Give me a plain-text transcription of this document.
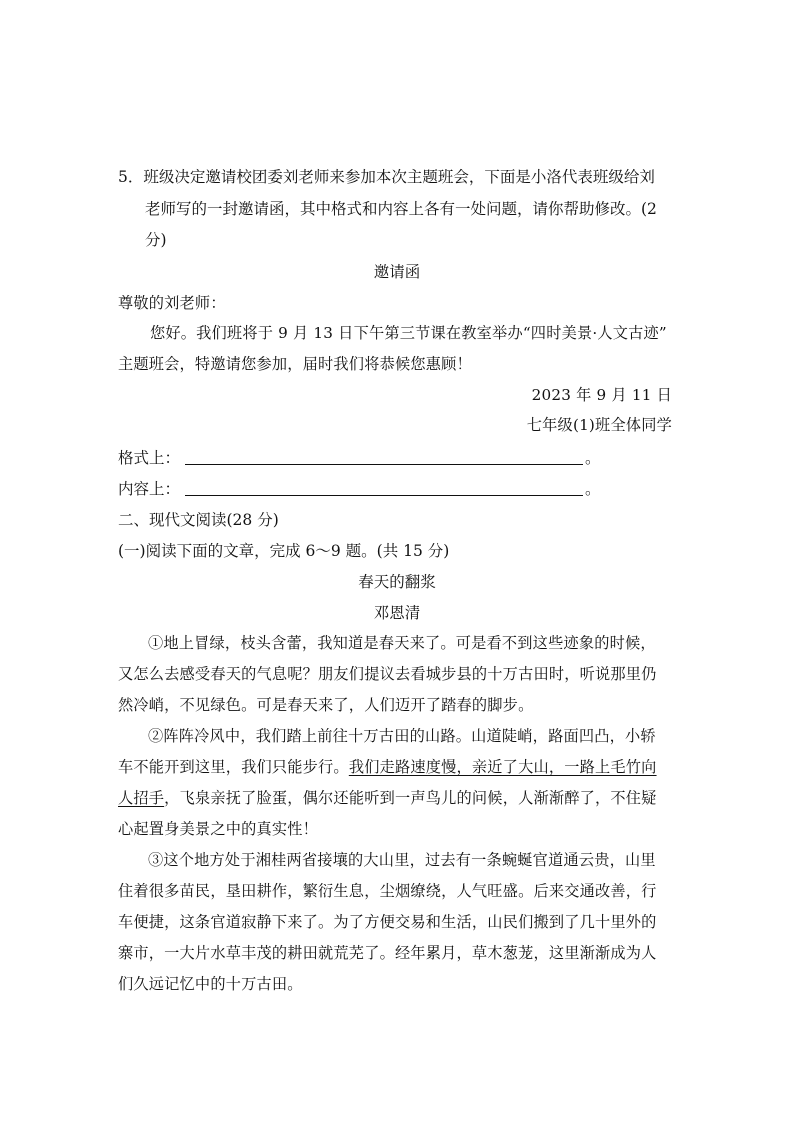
5．班级决定邀请校团委刘老师来参加本次主题班会，下面是小洛代表班级给刘
老师写的一封邀请函，其中格式和内容上各有一处问题，请你帮助修改。(2
分)
邀请函
尊敬的刘老师：
您好。我们班将于 9 月 13 日下午第三节课在教室举办“四时美景·人文古迹”
主题班会，特邀请您参加，届时我们将恭候您惠顾！
2023 年 9 月 11 日
七年级(1)班全体同学
格式上：	。
内容上：	。
二、现代文阅读(28 分)
(一)阅读下面的文章，完成 6～9 题。(共 15 分)
春天的翻浆
邓恩清
①地上冒绿，枝头含蕾，我知道是春天来了。可是看不到这些迹象的时候，
又怎么去感受春天的气息呢？朋友们提议去看城步县的十万古田时，听说那里仍
然冷峭，不见绿色。可是春天来了，人们迈开了踏春的脚步。
②阵阵冷风中，我们踏上前往十万古田的山路。山道陡峭，路面凹凸，小轿
车不能开到这里，我们只能步行。我们走路速度慢，亲近了大山，一路上毛竹向
人招手，飞泉亲抚了脸蛋，偶尔还能听到一声鸟儿的问候，人渐渐醉了，不住疑
心起置身美景之中的真实性！
③这个地方处于湘桂两省接壤的大山里，过去有一条蜿蜒官道通云贵，山里
住着很多苗民，垦田耕作，繁衍生息，尘烟缭绕，人气旺盛。后来交通改善，行
车便捷，这条官道寂静下来了。为了方便交易和生活，山民们搬到了几十里外的
寨市，一大片水草丰茂的耕田就荒芜了。经年累月，草木葱茏，这里渐渐成为人
们久远记忆中的十万古田。
